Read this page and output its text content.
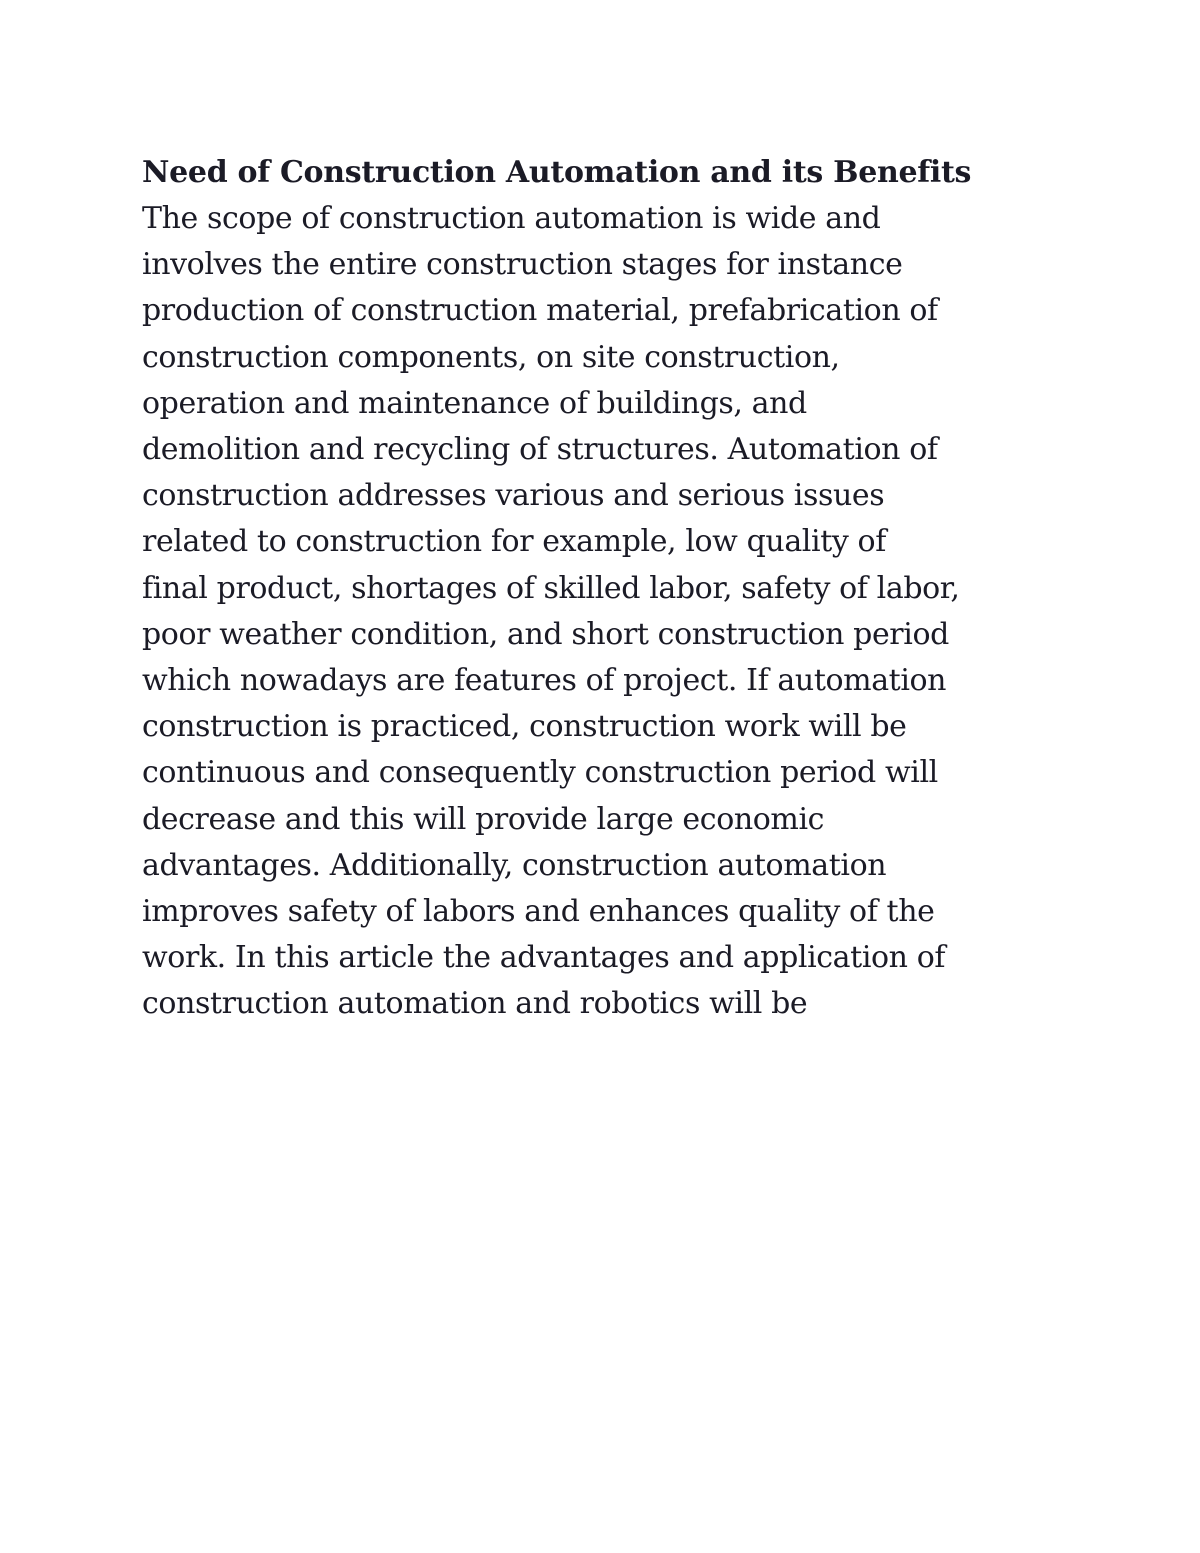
Need of Construction Automation and its Benefits
The scope of construction automation is wide and
involves the entire construction stages for instance
production of construction material, prefabrication of
construction components, on site construction,
operation and maintenance of buildings, and
demolition and recycling of structures. Automation of
construction addresses various and serious issues
related to construction for example, low quality of
final product, shortages of skilled labor, safety of labor,
poor weather condition, and short construction period
which nowadays are features of project. If automation
construction is practiced, construction work will be
continuous and consequently construction period will
decrease and this will provide large economic
advantages. Additionally, construction automation
improves safety of labors and enhances quality of the
work. In this article the advantages and application of
construction automation and robotics will be
